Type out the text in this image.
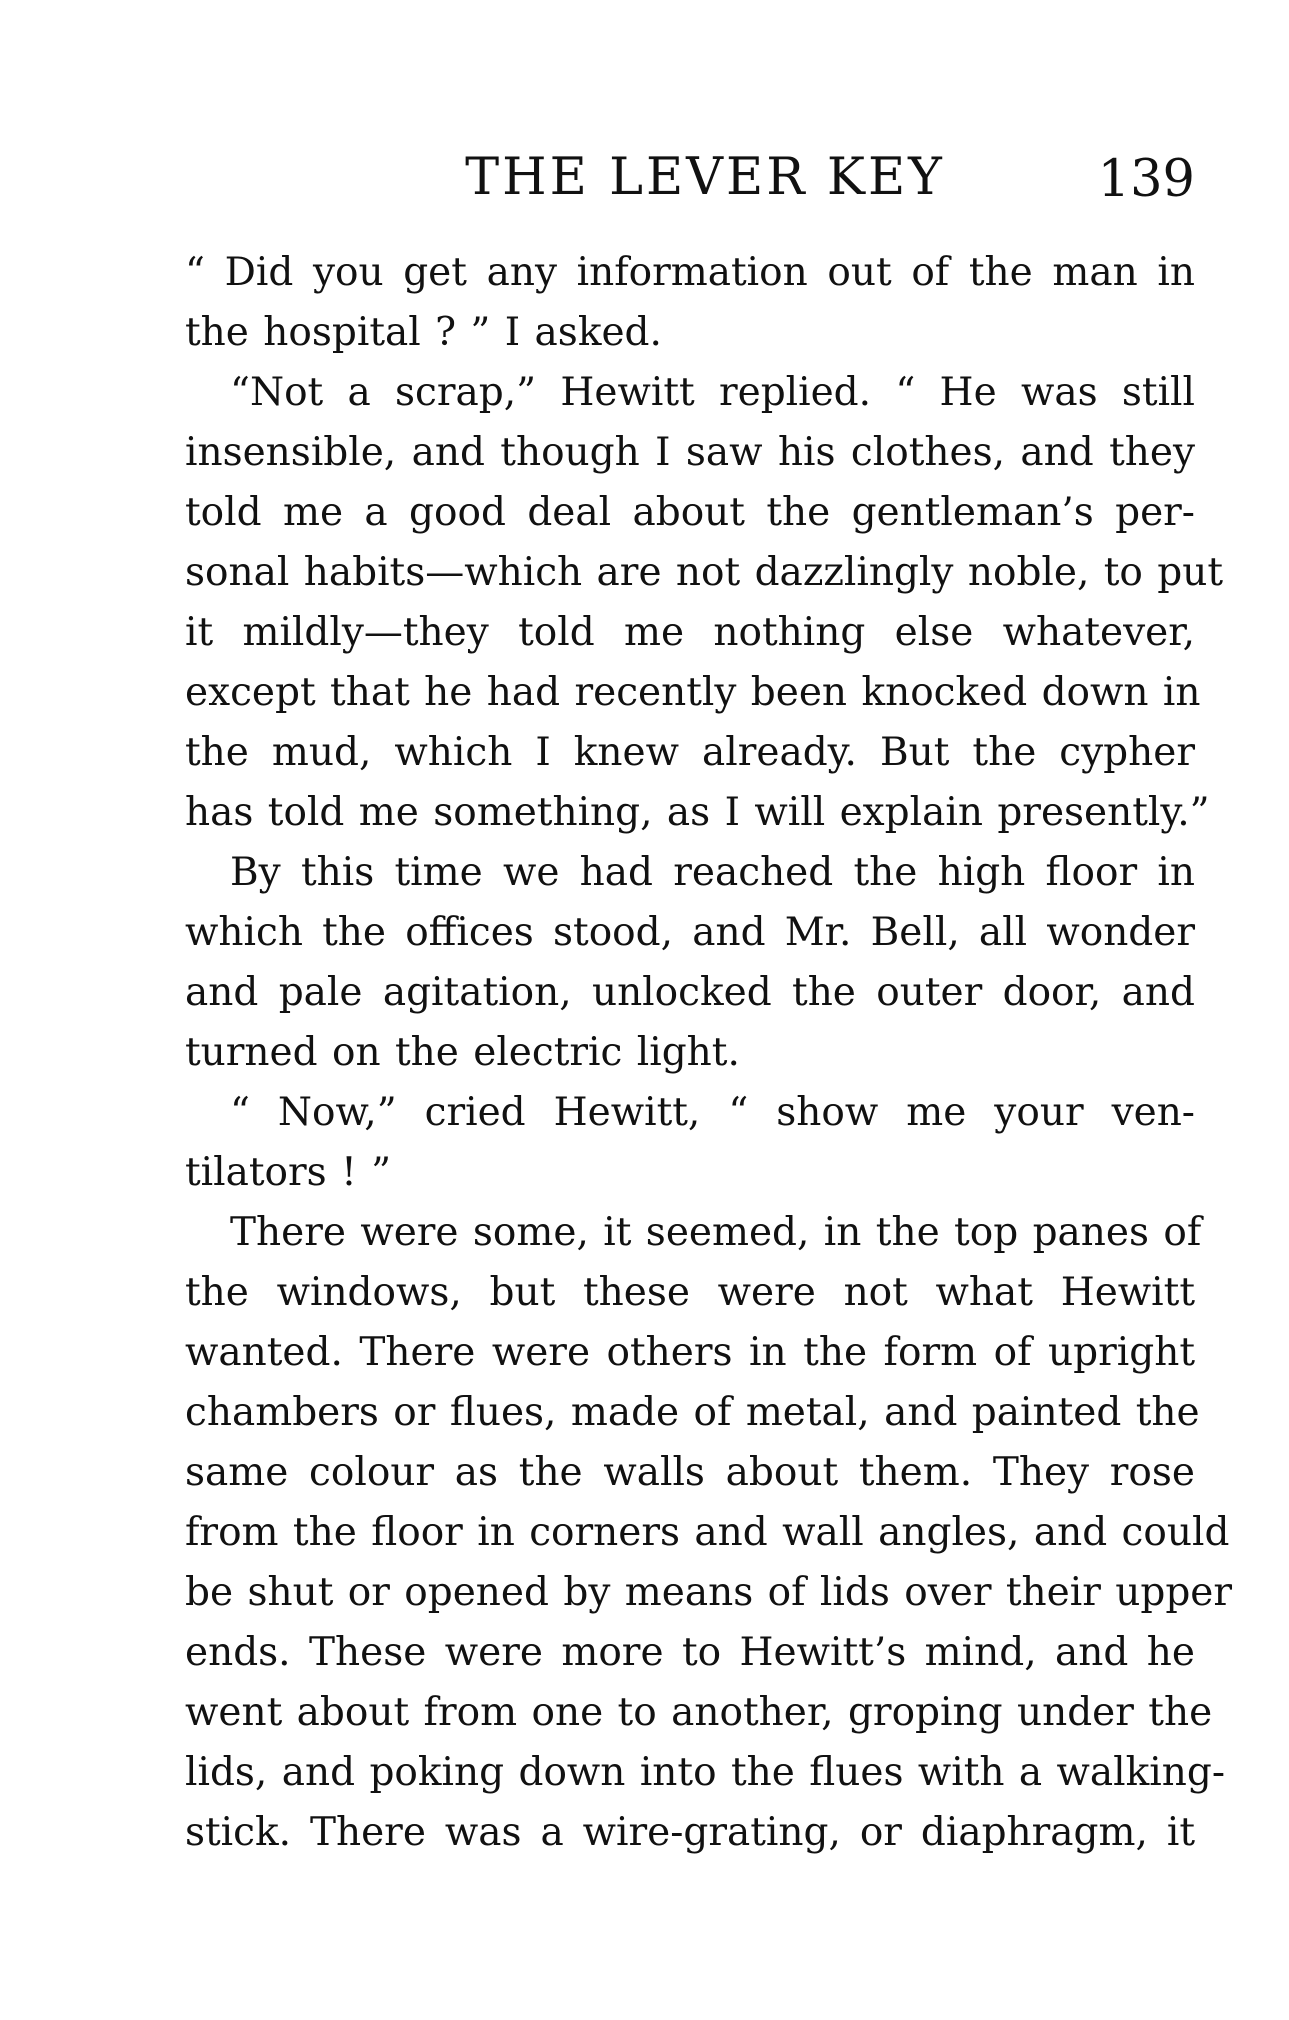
THE LEVER KEY	139
“ Did you get any information out of the man in
the hospital ? ” I asked.
“Not a scrap,” Hewitt replied. “ He was still
insensible, and though I saw his clothes, and they
told me a good deal about the gentleman’s per-
sonal habits—which are not dazzlingly noble, to put
it mildly—they told me nothing else whatever,
except that he had recently been knocked down in
the mud, which I knew already. But the cypher
has told me something, as I will explain presently.”
By this time we had reached the high floor in
which the offices stood, and Mr. Bell, all wonder
and pale agitation, unlocked the outer door, and
turned on the electric light.
“ Now,” cried Hewitt, “ show me your ven-
tilators ! ”
There were some, it seemed, in the top panes of
the windows, but these were not what Hewitt
wanted. There were others in the form of upright
chambers or flues, made of metal, and painted the
same colour as the walls about them. They rose
from the floor in corners and wall angles, and could
be shut or opened by means of lids over their upper
ends. These were more to Hewitt’s mind, and he
went about from one to another, groping under the
lids, and poking down into the flues with a walking-
stick. There was a wire-grating, or diaphragm, it
